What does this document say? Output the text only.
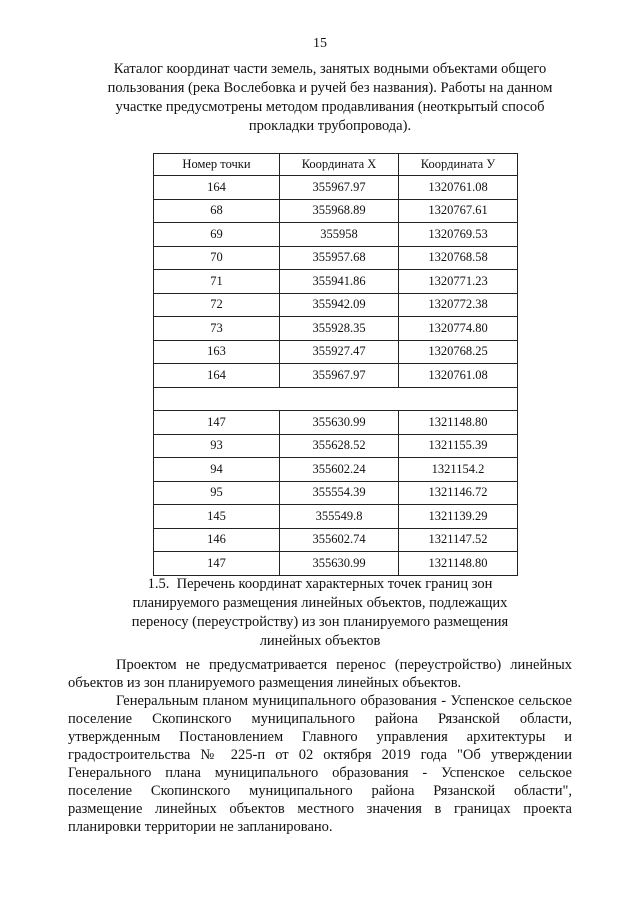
15
Каталог координат части земель, занятых водными объектами общего пользования (река Вослебовка и ручей без названия). Работы на данном участке предусмотрены методом продавливания (неоткрытый способ прокладки трубопровода).
Номер точки	Координата X	Координата У
164	355967.97	1320761.08
68	355968.89	1320767.61
69	355958	1320769.53
70	355957.68	1320768.58
71	355941.86	1320771.23
72	355942.09	1320772.38
73	355928.35	1320774.80
163	355927.47	1320768.25
164	355967.97	1320761.08

147	355630.99	1321148.80
93	355628.52	1321155.39
94	355602.24	1321154.2
95	355554.39	1321146.72
145	355549.8	1321139.29
146	355602.74	1321147.52
147	355630.99	1321148.80
1.5. Перечень координат характерных точек границ зон планируемого размещения линейных объектов, подлежащих переносу (переустройству) из зон планируемого размещения линейных объектов

Проектом не предусматривается перенос (переустройство) линейных объектов из зон планируемого размещения линейных объектов.

Генеральным планом муниципального образования - Успенское сельское поселение Скопинского муниципального района Рязанской области, утвержденным Постановлением Главного управления архитектуры и градостроительства № 225-п от 02 октября 2019 года "Об утверждении Генерального плана муниципального образования - Успенское сельское поселение Скопинского муниципального района Рязанской области", размещение линейных объектов местного значения в границах проекта планировки территории не запланировано.
